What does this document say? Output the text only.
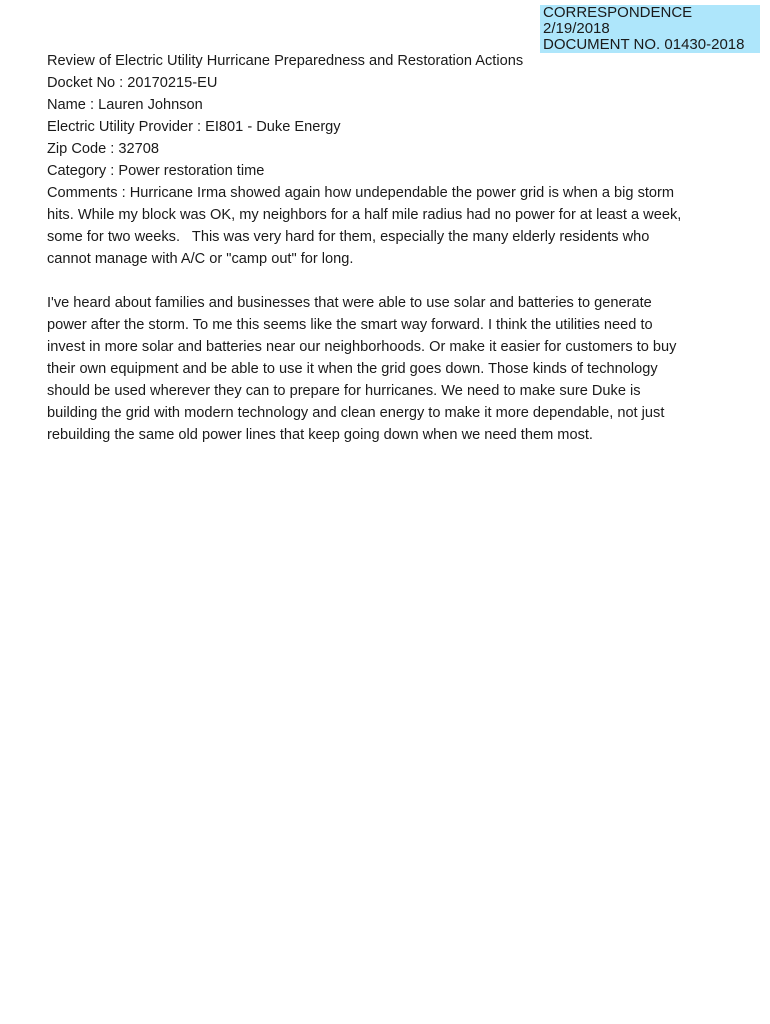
CORRESPONDENCE
2/19/2018
DOCUMENT NO. 01430-2018
Review of Electric Utility Hurricane Preparedness and Restoration Actions
Docket No : 20170215-EU
Name : Lauren Johnson
Electric Utility Provider : EI801 - Duke Energy
Zip Code : 32708
Category : Power restoration time
Comments : Hurricane Irma showed again how undependable the power grid is when a big storm
hits. While my block was OK, my neighbors for a half mile radius had no power for at least a week,
some for two weeks.   This was very hard for them, especially the many elderly residents who
cannot manage with A/C or "camp out" for long.
I've heard about families and businesses that were able to use solar and batteries to generate
power after the storm. To me this seems like the smart way forward. I think the utilities need to
invest in more solar and batteries near our neighborhoods. Or make it easier for customers to buy
their own equipment and be able to use it when the grid goes down. Those kinds of technology
should be used wherever they can to prepare for hurricanes. We need to make sure Duke is
building the grid with modern technology and clean energy to make it more dependable, not just
rebuilding the same old power lines that keep going down when we need them most.
